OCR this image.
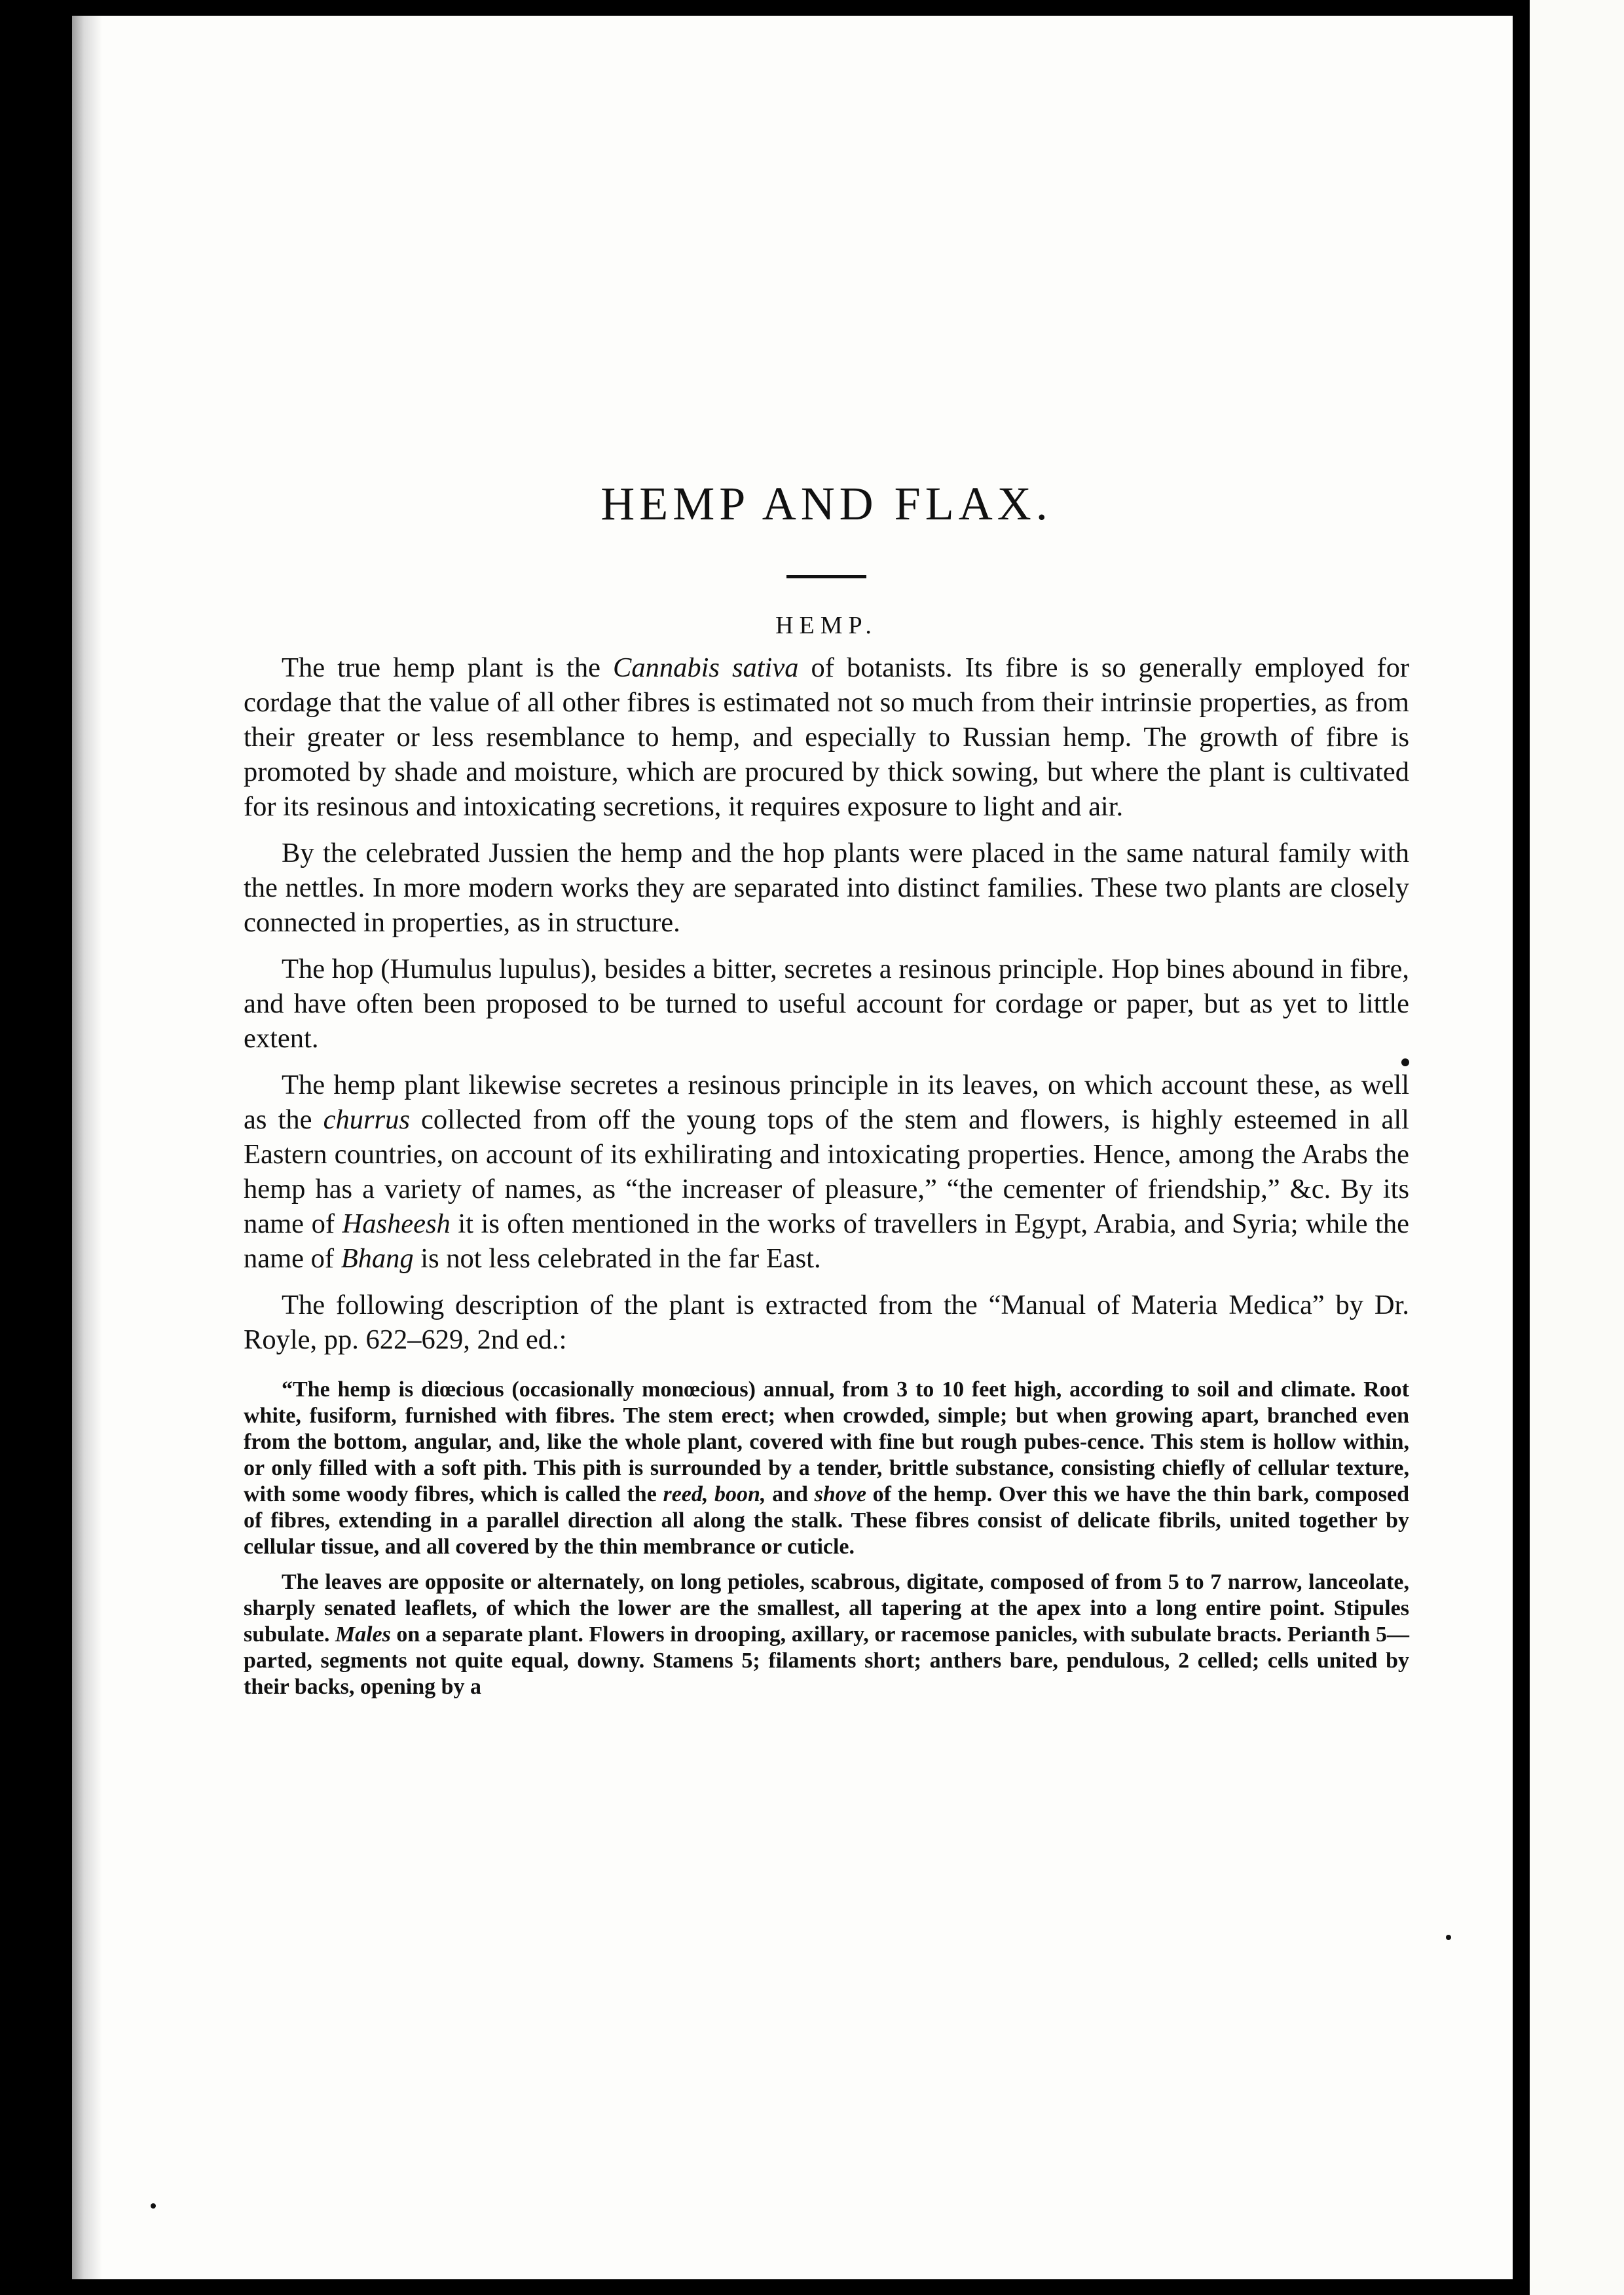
HEMP AND FLAX.
HEMP.

The true hemp plant is the Cannabis sativa of botanists. Its fibre is so generally employed for cordage that the value of all other fibres is estimated not so much from their intrinsie properties, as from their greater or less resemblance to hemp, and especially to Russian hemp. The growth of fibre is promoted by shade and moisture, which are procured by thick sowing, but where the plant is cultivated for its resinous and intoxicating secretions, it requires exposure to light and air.

By the celebrated Jussien the hemp and the hop plants were placed in the same natural family with the nettles. In more modern works they are separated into distinct families. These two plants are closely connected in properties, as in structure.

The hop (Humulus lupulus), besides a bitter, secretes a resinous principle. Hop bines abound in fibre, and have often been proposed to be turned to useful account for cordage or paper, but as yet to little extent.

The hemp plant likewise secretes a resinous principle in its leaves, on which account these, as well as the churrus collected from off the young tops of the stem and flowers, is highly esteemed in all Eastern countries, on account of its exhilirating and intoxicating properties. Hence, among the Arabs the hemp has a variety of names, as “the increaser of pleasure,” “the cementer of friendship,” &c. By its name of Hasheesh it is often mentioned in the works of travellers in Egypt, Arabia, and Syria; while the name of Bhang is not less celebrated in the far East.

The following description of the plant is extracted from the “Manual of Materia Medica” by Dr. Royle, pp. 622–629, 2nd ed.:

“The hemp is diœcious (occasionally monœcious) annual, from 3 to 10 feet high, according to soil and climate. Root white, fusiform, furnished with fibres. The stem erect; when crowded, simple; but when growing apart, branched even from the bottom, angular, and, like the whole plant, covered with fine but rough pubes-cence. This stem is hollow within, or only filled with a soft pith. This pith is surrounded by a tender, brittle substance, consisting chiefly of cellular texture, with some woody fibres, which is called the reed, boon, and shove of the hemp. Over this we have the thin bark, composed of fibres, extending in a parallel direction all along the stalk. These fibres consist of delicate fibrils, united together by cellular tissue, and all covered by the thin membrance or cuticle.

The leaves are opposite or alternately, on long petioles, scabrous, digitate, composed of from 5 to 7 narrow, lanceolate, sharply senated leaflets, of which the lower are the smallest, all tapering at the apex into a long entire point. Stipules subulate. Males on a separate plant. Flowers in drooping, axillary, or racemose panicles, with subulate bracts. Perianth 5—parted, segments not quite equal, downy. Stamens 5; filaments short; anthers bare, pendulous, 2 celled; cells united by their backs, opening by a
